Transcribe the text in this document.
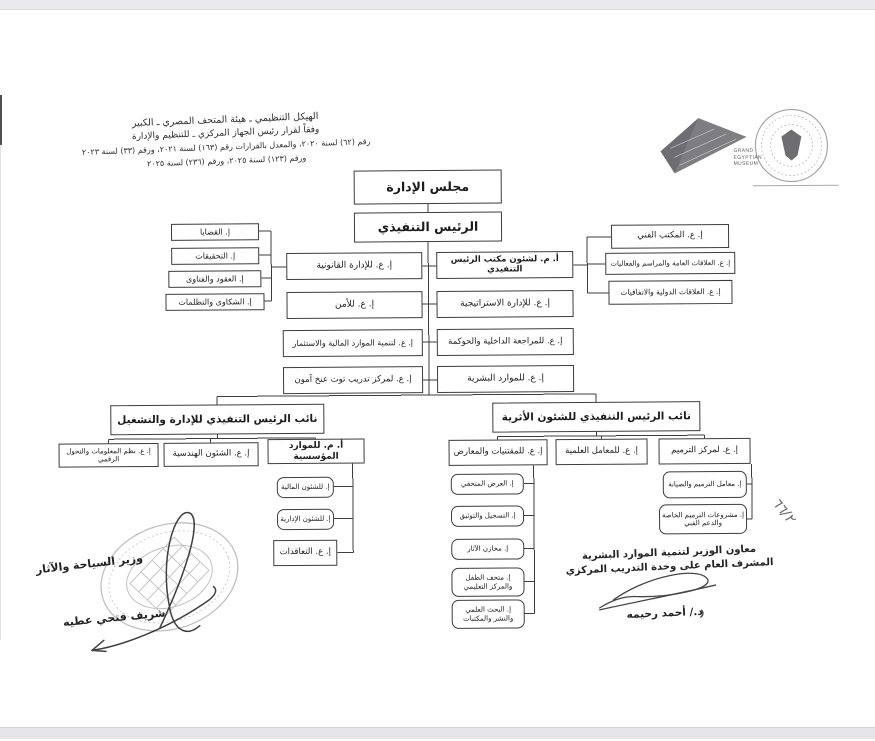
الهيكل التنظيمي ـ هيئة المتحف المصري ـ الكبير
وفقاً لقرار رئيس الجهاز المركزي ـ للتنظيم والإدارة
رقم (٦٢) لسنة ٢٠٢٠، والمعدل بالقرارات رقم (١٦٣) لسنة ٢٠٢١، ورقم (٣٣) لسنة ٢٠٢٣
ورقم (١٢٣) لسنة ٢٠٢٥، ورقم (٢٣٦) لسنة ٢٠٢٥
GRAND
EGYPTIAN
MUSEUM
مجلس الإدارة
الرئيس التنفيذي
أ. م. لشئون مكتب الرئيس التنفيذي
إ. ع. للإدارة الاستراتيجية
إ. ع. للمراجعة الداخلية والحوكمة
إ. ع. للموارد البشرية
إ. ع. للإدارة القانونية
إ. ع. للأمن
إ. ع. لتنمية الموارد المالية والاستثمار
إ. ع. لمركز تدريب توت عنخ آمون
إ. ع. المكتب الفني
إ. ع. العلاقات العامة والمراسم والفعاليات
إ. ع. العلاقات الدولية والاتفاقيات
إ. القضايا
إ. التحقيقات
إ. العقود والفتاوى
إ. الشكاوى والتظلمات
نائب الرئيس التنفيذي للإدارة والتشغيل	نائب الرئيس التنفيذي للشئون الأثرية
إ. ع. نظم المعلومات والتحول الرقمي
إ. ع. الشئون الهندسية
أ. م. للموارد المؤسسية
إ. للشئون المالية
إ. للشئون الإدارية
إ. ع. التعاقدات
إ. ع. للمقتنيات والمعارض	إ. ع. للمعامل العلمية	إ. ع. لمركز الترميم
إ. معامل الترميم والصيانة
إ. مشروعات الترميم الخاصة والدعم الفني
إ. العرض المتحفي
إ. التسجيل والتوثيق
إ. مخازن الآثار
إ. متحف الطفل والمركز التعليمي
إ. البحث العلمي والنشر والمكتبات
وزير السياحة والآثار
شريف فتحي عطيه
معاون الوزير لتنمية الموارد البشرية
المشرف العام على وحدة التدريب المركزي
د./ أحمد رحيمه
٦٦/٢
